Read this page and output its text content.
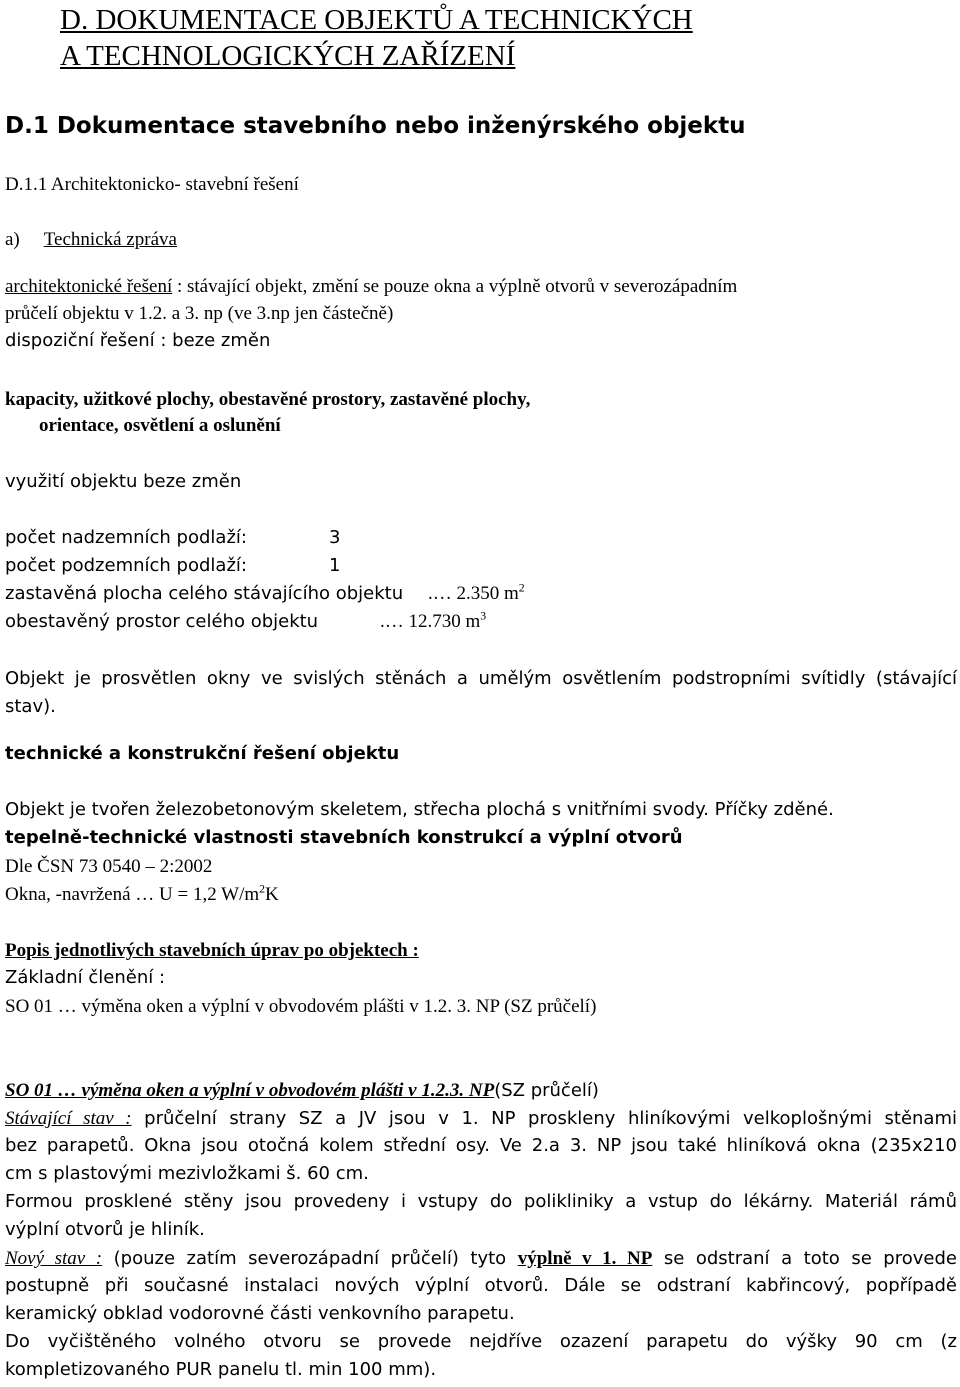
D. DOKUMENTACE OBJEKTŮ A TECHNICKÝCH
A TECHNOLOGICKÝCH ZAŘÍZENÍ
D.1 Dokumentace stavebního nebo inženýrského objektu
D.1.1 Architektonicko- stavební řešení
a) Technická zpráva
architektonické řešení : stávající objekt, změní se pouze okna a výplně otvorů v severozápadním
průčelí objektu v 1.2. a 3. np (ve 3.np jen částečně)
dispoziční řešení : beze změn
kapacity, užitkové plochy, obestavěné prostory, zastavěné plochy,
orientace, osvětlení a oslunění
využití objektu beze změn
počet nadzemních podlaží:	3
počet podzemních podlaží:	1
zastavěná plocha celého stávajícího objektu .… 2.350 $m^2$
obestavěný prostor celého objektu	.… 12.730 $m^3$
Objekt je prosvětlen okny ve svislých stěnách a umělým osvětlením podstropními svítidly (stávající
stav).
technické a konstrukční řešení objektu
Objekt je tvořen železobetonovým skeletem, střecha plochá s vnitřními svody. Příčky zděné.
tepelně-technické vlastnosti stavebních konstrukcí a výplní otvorů
Dle ČSN 73 0540 – 2:2002
Okna, -navržená … U = 1,2 $W/m^2K$
Popis jednotlivých stavebních úprav po objektech :
Základní členění :
SO 01 … výměna oken a výplní v obvodovém plášti v 1.2. 3. NP (SZ průčelí)
SO 01 … výměna oken a výplní v obvodovém plášti v 1.2.3. NP(SZ průčelí)
Stávající stav : průčelní strany SZ a JV jsou v 1. NP proskleny hliníkovými velkoplošnými stěnami
bez parapetů. Okna jsou otočná kolem střední osy. Ve 2.a 3. NP jsou také hliníková okna (235x210
cm s plastovými mezivložkami š. 60 cm.
Formou prosklené stěny jsou provedeny i vstupy do polikliniky a vstup do lékárny. Materiál rámů
výplní otvorů je hliník.
Nový stav : (pouze zatím severozápadní průčelí) tyto výplně v 1. NP se odstraní a toto se provede
postupně při současné instalaci nových výplní otvorů. Dále se odstraní kabřincový, popřípadě
keramický obklad vodorovné části venkovního parapetu.
Do vyčištěného volného otvoru se provede nejdříve ozazení parapetu do výšky 90 cm (z
kompletizovaného PUR panelu tl. min 100 mm).
